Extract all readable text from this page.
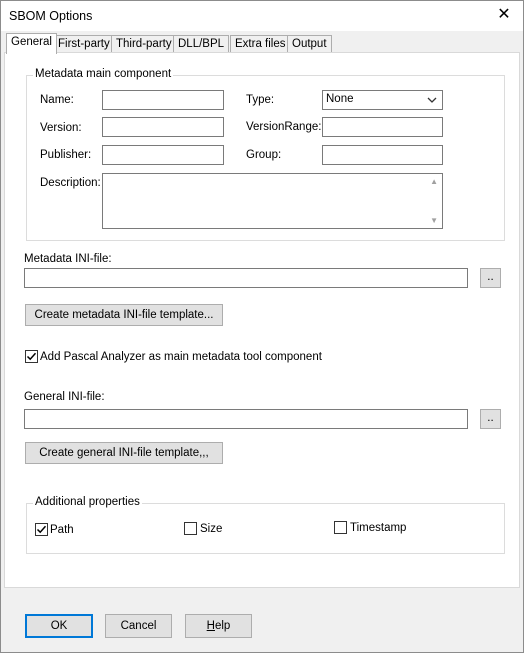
SBOM Options	✕
General First-party Third-party DLL/BPL Extra files Output
Metadata main component
Name:
Version:
Publisher:
Description:	▲
▼
Type:	None
VersionRange:
Group:
Metadata INI-file:
..
Create metadata INI-file template...
Add Pascal Analyzer as main metadata tool component
General INI-file:
..
Create general INI-file template,,,
Additional properties
Path	Size	Timestamp
OK	Cancel	Help
